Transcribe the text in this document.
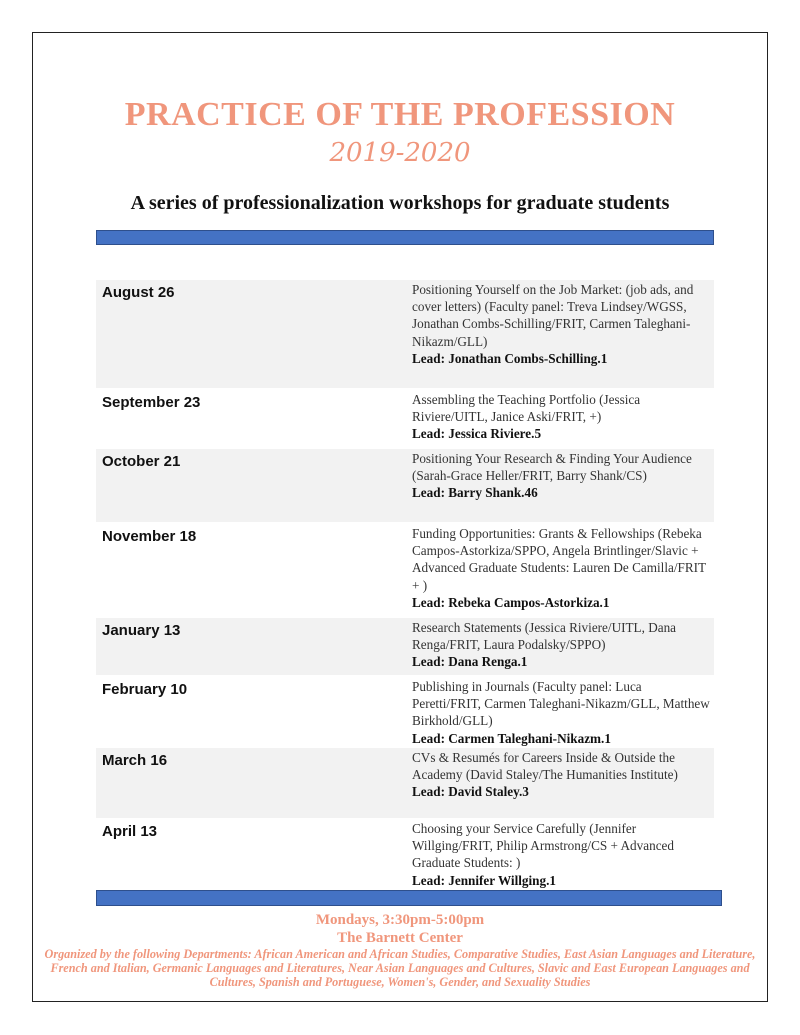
PRACTICE OF THE PROFESSION
2019-2020
A series of professionalization workshops for graduate students
August 26	Positioning Yourself on the Job Market: (job ads, and cover letters) (Faculty panel: Treva Lindsey/WGSS, Jonathan Combs-Schilling/FRIT, Carmen Taleghani-Nikazm/GLL)
Lead: Jonathan Combs-Schilling.1
September 23	Assembling the Teaching Portfolio (Jessica Riviere/UITL, Janice Aski/FRIT, +)
Lead: Jessica Riviere.5
October 21	Positioning Your Research & Finding Your Audience (Sarah-Grace Heller/FRIT, Barry Shank/CS)
Lead: Barry Shank.46
November 18	Funding Opportunities: Grants & Fellowships (Rebeka Campos-Astorkiza/SPPO, Angela Brintlinger/Slavic + Advanced Graduate Students: Lauren De Camilla/FRIT + )
Lead: Rebeka Campos-Astorkiza.1
January 13	Research Statements (Jessica Riviere/UITL, Dana Renga/FRIT, Laura Podalsky/SPPO)
Lead: Dana Renga.1
February 10	Publishing in Journals (Faculty panel: Luca Peretti/FRIT, Carmen Taleghani-Nikazm/GLL, Matthew Birkhold/GLL)
Lead: Carmen Taleghani-Nikazm.1
March 16	CVs & Resumés for Careers Inside & Outside the Academy (David Staley/The Humanities Institute)
Lead: David Staley.3
April 13	Choosing your Service Carefully (Jennifer Willging/FRIT, Philip Armstrong/CS + Advanced Graduate Students: )
Lead: Jennifer Willging.1
Mondays, 3:30pm-5:00pm
The Barnett Center
Organized by the following Departments: African American and African Studies, Comparative Studies, East Asian Languages and Literature, French and Italian, Germanic Languages and Literatures, Near Asian Languages and Cultures, Slavic and East European Languages and Cultures, Spanish and Portuguese, Women's, Gender, and Sexuality Studies
